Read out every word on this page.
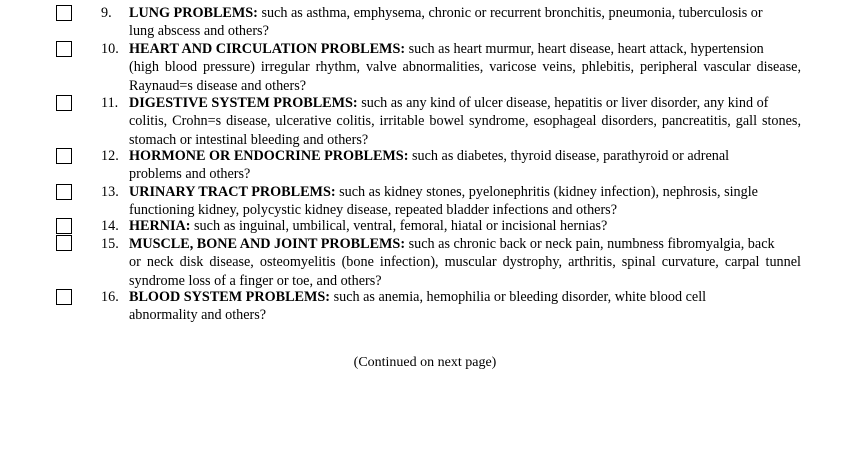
9. LUNG PROBLEMS: such as asthma, emphysema, chronic or recurrent bronchitis, pneumonia, tuberculosis or
lung abscess and others?
10. HEART AND CIRCULATION PROBLEMS: such as heart murmur, heart disease, heart attack, hypertension
(high blood pressure) irregular rhythm, valve abnormalities, varicose veins, phlebitis, peripheral vascular disease, Raynaud=s disease and others?
11. DIGESTIVE SYSTEM PROBLEMS: such as any kind of ulcer disease, hepatitis or liver disorder, any kind of
colitis, Crohn=s disease, ulcerative colitis, irritable bowel syndrome, esophageal disorders, pancreatitis, gall stones, stomach or intestinal bleeding and others?
12. HORMONE OR ENDOCRINE PROBLEMS: such as diabetes, thyroid disease, parathyroid or adrenal
problems and others?
13. URINARY TRACT PROBLEMS: such as kidney stones, pyelonephritis (kidney infection), nephrosis, single
functioning kidney, polycystic kidney disease, repeated bladder infections and others?
14. HERNIA: such as inguinal, umbilical, ventral, femoral, hiatal or incisional hernias?
15. MUSCLE, BONE AND JOINT PROBLEMS: such as chronic back or neck pain, numbness fibromyalgia, back
or neck disk disease, osteomyelitis (bone infection), muscular dystrophy, arthritis, spinal curvature, carpal tunnel syndrome loss of a finger or toe, and others?
16. BLOOD SYSTEM PROBLEMS: such as anemia, hemophilia or bleeding disorder, white blood cell
abnormality and others?
(Continued on next page)
